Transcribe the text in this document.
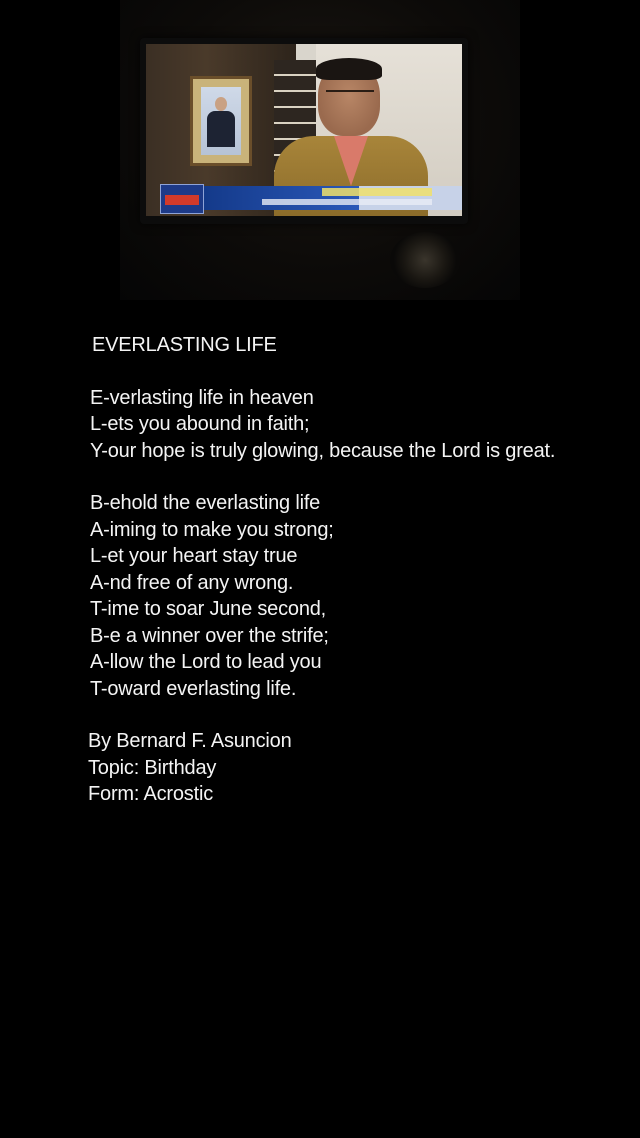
EVERLASTING LIFE
E-verlasting life in heaven
L-ets you abound in faith;
Y-our hope is truly glowing, because the Lord is great.
B-ehold the everlasting life
A-iming to make you strong;
L-et your heart stay true
A-nd free of any wrong.
T-ime to soar June second,
B-e a winner over the strife;
A-llow the Lord to lead you
T-oward everlasting life.
By Bernard F. Asuncion
Topic: Birthday
Form: Acrostic
